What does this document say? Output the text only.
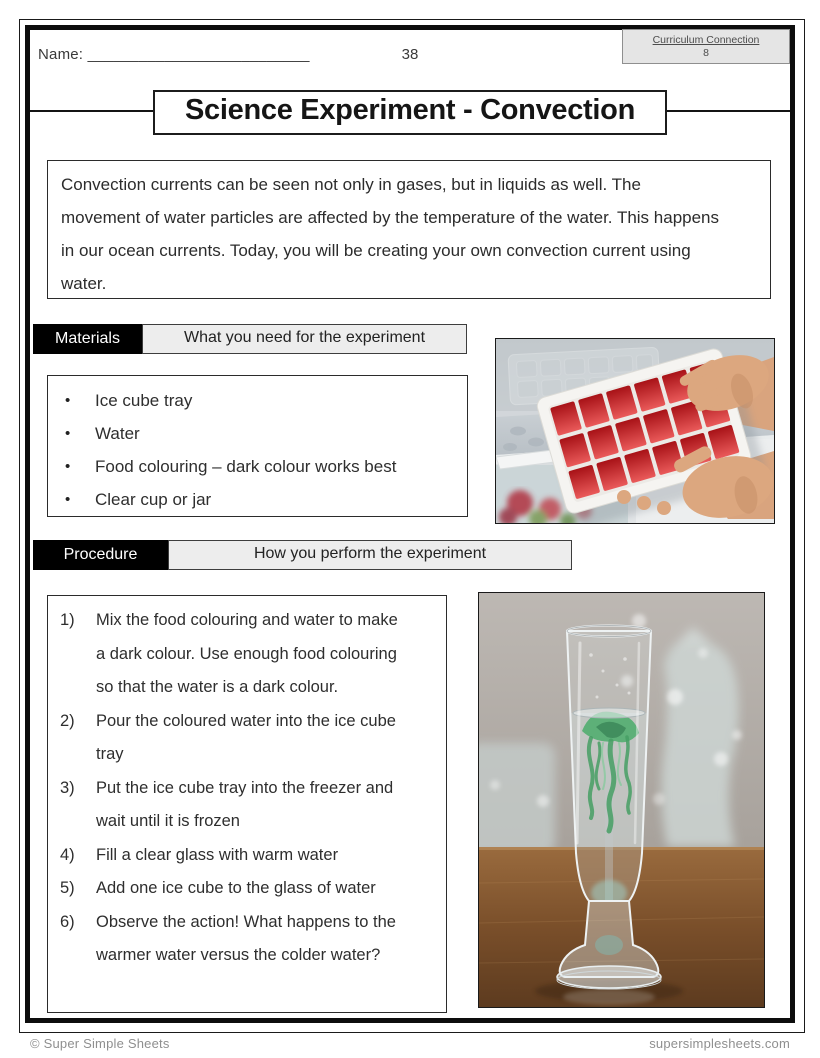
Name: __________________________	38
Curriculum Connection
8
Science Experiment - Convection

Convection currents can be seen not only in gases, but in liquids as well. The movement of water particles are affected by the temperature of the water. This happens in our ocean currents. Today, you will be creating your own convection current using water.

Materials	What you need for the experiment
•	Ice cube tray
•	Water
•	Food colouring – dark colour works best
•	Clear cup or jar
Procedure	How you perform the experiment
1)	Mix the food colouring and water to make a dark colour. Use enough food colouring so that the water is a dark colour.
2)	Pour the coloured water into the ice cube tray
3)	Put the ice cube tray into the freezer and wait until it is frozen
4)	Fill a clear glass with warm water
5)	Add one ice cube to the glass of water
6)	Observe the action! What happens to the warmer water versus the colder water?
© Super Simple Sheets	supersimplesheets.com
